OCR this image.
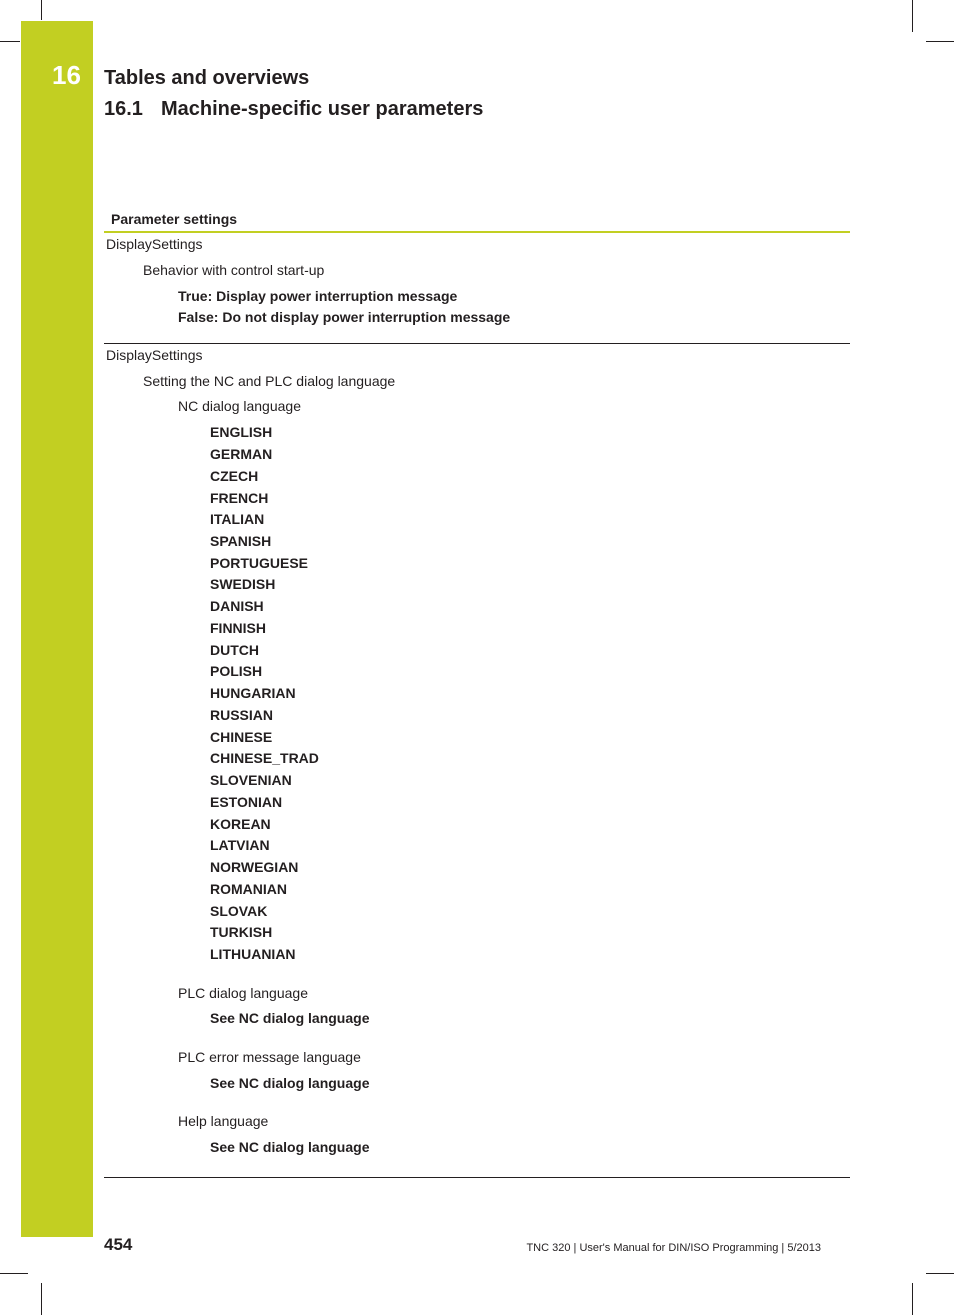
16 Tables and overviews
16.1 Machine-specific user parameters
Parameter settings
DisplaySettings
Behavior with control start-up
True: Display power interruption message
False: Do not display power interruption message
DisplaySettings
Setting the NC and PLC dialog language
NC dialog language
ENGLISH
GERMAN
CZECH
FRENCH
ITALIAN
SPANISH
PORTUGUESE
SWEDISH
DANISH
FINNISH
DUTCH
POLISH
HUNGARIAN
RUSSIAN
CHINESE
CHINESE_TRAD
SLOVENIAN
ESTONIAN
KOREAN
LATVIAN
NORWEGIAN
ROMANIAN
SLOVAK
TURKISH
LITHUANIAN
PLC dialog language
See NC dialog language
PLC error message language
See NC dialog language
Help language
See NC dialog language
454	TNC 320 | User's Manual for DIN/ISO Programming | 5/2013
